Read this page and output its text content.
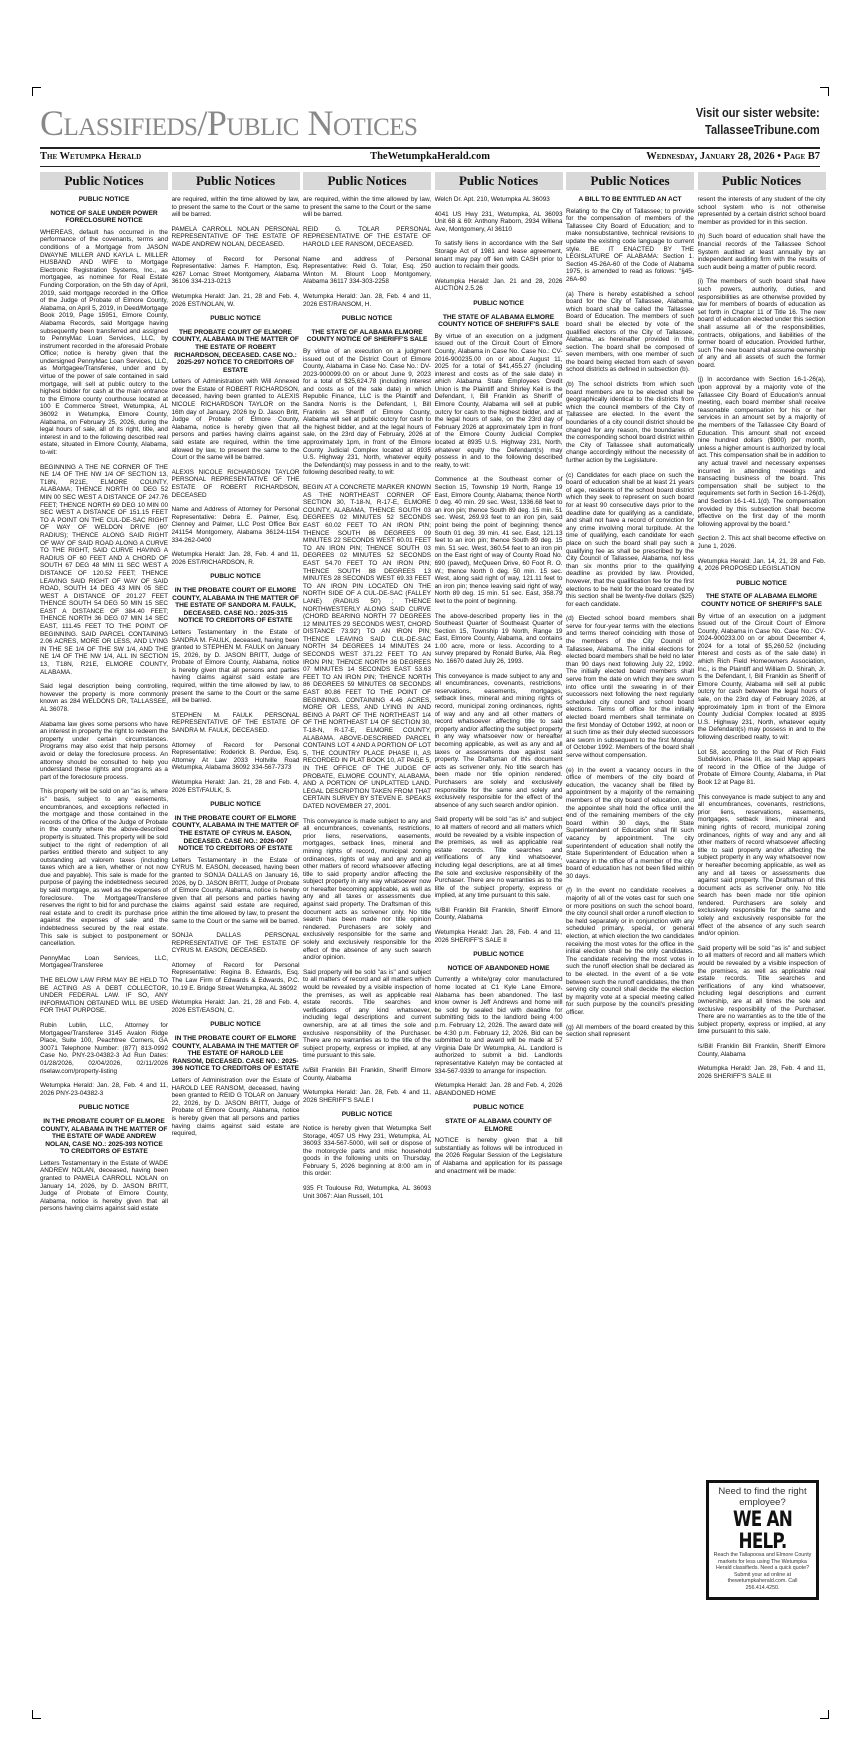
Classifieds/Public Notices	Visit our sister website:
TallasseeTribune.com
The Wetumpka Herald	TheWetumpkaHerald.com	Wednesday, January 28, 2026 • Page B7
Public Notices
PUBLIC NOTICE
NOTICE OF SALE UNDER POWER FORECLOSURE NOTICE

WHEREAS, default has occurred in the performance of the covenants, terms and conditions of a Mortgage from JASON DWAYNE MILLER AND KAYLA L. MILLER HUSBAND AND WIFE to Mortgage Electronic Registration Systems, Inc., as mortgagee, as nominee for Real Estate Funding Corporation, on the 5th day of April, 2019, said mortgage recorded in the Office of the Judge of Probate of Elmore County, Alabama, on April 5, 2019, in Deed/Mortgage Book 2019, Page 15951, Elmore County, Alabama Records, said Mortgage having subsequently been transferred and assigned to PennyMac Loan Services, LLC, by instrument recorded in the aforesaid Probate Office; notice is hereby given that the undersigned PennyMac Loan Services, LLC, as Mortgagee/Transferee, under and by virtue of the power of sale contained in said mortgage, will sell at public outcry to the highest bidder for cash at the main entrance to the Elmore county courthouse located at 100 E Commerce Street, Wetumpka, AL 36092 in Wetumpka, Elmore County, Alabama, on February 25, 2026, during the legal hours of sale, all of its right, title, and interest in and to the following described real estate, situated in Elmore County, Alabama, to-wit:

BEGINNING A THE NE CORNER OF THE NE 1/4 OF THE NW 1/4 OF SECTION 13, T18N, R21E, ELMORE COUNTY, ALABAMA; THENCE NORTH 00 DEG 52 MIN 00 SEC WEST A DISTANCE OF 247.76 FEET; THENCE NORTH 69 DEG 10 MIN 00 SEC WEST A DISTANCE OF 151.15 FEET TO A POINT ON THE CUL-DE-SAC RIGHT OF WAY OF WELDON DRIVE (60' RADIUS); THENCE ALONG SAID RIGHT OF WAY OF SAID ROAD ALONG A CURVE TO THE RIGHT, SAID CURVE HAVING A RADIUS OF 60 FEET AND A CHORD OF SOUTH 67 DEG 48 MIN 11 SEC WEST A DISTANCE OF 120.52 FEET; THENCE LEAVING SAID RIGHT OF WAY OF SAID ROAD, SOUTH 14 DEG 43 MIN 05 SEC WEST A DISTANCE OF 201.27 FEET THENCE SOUTH 54 DEG 50 MIN 15 SEC EAST A DISTANCE OF 384.40 FEET; THENCE NORTH 36 DEG 07 MIN 14 SEC EAST, 111.45 FEET TO THE POINT OF BEGINNING. SAID PARCEL CONTAINING 2.06 ACRES, MORE OR LESS, AND LYING IN THE SE 1/4 OF THE SW 1/4, AND THE NE 1/4 OF THE NW 1/4, ALL IN SECTION 13, T18N, R21E, ELMORE COUNTY, ALABAMA.

Said legal description being controlling, however the property is more commonly known as 284 WELDONS DR, TALLASSEE, AL 36078.

Alabama law gives some persons who have an interest in property the right to redeem the property under certain circumstances. Programs may also exist that help persons avoid or delay the foreclosure process. An attorney should be consulted to help you understand these rights and programs as a part of the foreclosure process.

This property will be sold on an "as is, where is" basis, subject to any easements, encumbrances, and exceptions reflected in the mortgage and those contained in the records of the Office of the Judge of Probate in the county where the above-described property is situated. This property will be sold subject to the right of redemption of all parties entitled thereto and subject to any outstanding ad valorem taxes (including taxes which are a lien, whether or not now due and payable). This sale is made for the purpose of paying the indebtedness secured by said mortgage, as well as the expenses of foreclosure. The Mortgagee/Transferee reserves the right to bid for and purchase the real estate and to credit its purchase price against the expenses of sale and the indebtedness secured by the real estate. This sale is subject to postponement or cancellation.

PennyMac Loan Services, LLC, Mortgagee/Transferee

THE BELOW LAW FIRM MAY BE HELD TO BE ACTING AS A DEBT COLLECTOR, UNDER FEDERAL LAW. IF SO, ANY INFORMATION OBTAINED WILL BE USED FOR THAT PURPOSE.

Rubin Lublin, LLC, Attorney for Mortgagee/Transferee 3145 Avalon Ridge Place, Suite 100, Peachtree Corners, GA 30071 Telephone Number: (877) 813-0992 Case No. PNY-23-04382-3 Ad Run Dates: 01/28/2026, 02/04/2026, 02/11/2026 rlselaw.com/property-listing

Wetumpka Herald: Jan. 28, Feb. 4 and 11, 2026 PNY-23-04382-3

PUBLIC NOTICE
IN THE PROBATE COURT OF ELMORE COUNTY, ALABAMA IN THE MATTER OF THE ESTATE OF WADE ANDREW NOLAN, CASE NO.: 2025-393 NOTICE TO CREDITORS OF ESTATE

Letters Testamentary in the Estate of WADE ANDREW NOLAN, deceased, having been granted to PAMELA CARROLL NOLAN on January 14, 2026, by D. JASON BRITT, Judge of Probate of Elmore County, Alabama, notice is hereby given that all persons having claims against said estate

Public Notices

are required, within the time allowed by law, to present the same to the Court or the same will be barred.

PAMELA CARROLL NOLAN PERSONAL REPRESENTATIVE OF THE ESTATE OF WADE ANDREW NOLAN, DECEASED.

Attorney of Record for Personal Representative: James F. Hampton, Esq. 4267 Lomac Street Montgomery, Alabama 36106 334-213-0213

Wetumpka Herald: Jan. 21, 28 and Feb. 4, 2026 EST/NOLAN, W.

PUBLIC NOTICE
THE PROBATE COURT OF ELMORE COUNTY, ALABAMA IN THE MATTER OF THE ESTATE OF ROBERT RICHARDSON, DECEASED. CASE NO.: 2025-297 NOTICE TO CREDITORS OF ESTATE

Letters of Administration with Will Annexed over the Estate of ROBERT RICHARDSON, deceased, having been granted to ALEXIS NICOLE RICHARDSON TAYLOR on the 16th day of January, 2026 by D. Jason Britt, Judge of Probate of Elmore County, Alabama, notice is hereby given that all persons and parties having claims against said estate are required, within the time allowed by law, to present the same to the Court or the same will be barred.

ALEXIS NICOLE RICHARDSON TAYLOR PERSONAL REPRESENTATIVE OF THE ESTATE OF ROBERT RICHARDSON, DECEASED

Name and Address of Attorney for Personal Representative: Debra E. Palmer, Esq. Clenney and Palmer, LLC Post Office Box 241154 Montgomery, Alabama 36124-1154 334-262-0400

Wetumpka Herald: Jan. 28, Feb. 4 and 11, 2026 EST/RICHARDSON, R.

PUBLIC NOTICE
IN THE PROBATE COURT OF ELMORE COUNTY, ALABAMA IN THE MATTER OF THE ESTATE OF SANDORA M. FAULK, DECEASED. CASE NO.: 2025-315 NOTICE TO CREDITORS OF ESTATE

Letters Testamentary in the Estate of SANDRA M. FAULK, deceased, having been granted to STEPHEN M. FAULK on January 15, 2026, by D. JASON BRITT, Judge of Probate of Elmore County, Alabama, notice is hereby given that all persons and parties having claims against said estate are required, within the time allowed by law, to present the same to the Court or the same will be barred.

STEPHEN M. FAULK PERSONAL REPRESENTATIVE OF THE ESTATE OF SANDRA M. FAULK, DECEASED.

Attorney of Record for Personal Representative: Roderick B. Perdue, Esq. Attorney At Law 2033 Holtville Road Wetumpka, Alabama 36092 334-567-7373

Wetumpka Herald: Jan. 21, 28 and Feb. 4, 2026 EST/FAULK, S.

PUBLIC NOTICE
IN THE PROBATE COURT OF ELMORE COUNTY, ALABAMA IN THE MATTER OF THE ESTATE OF CYRUS M. EASON, DECEASED. CASE NO.: 2026-007 NOTICE TO CREDITORS OF ESTATE

Letters Testamentary in the Estate of CYRUS M. EASON, deceased, having been granted to SONJA DALLAS on January 16, 2026, by D. JASON BRITT, Judge of Probate of Elmore County, Alabama, notice is hereby given that all persons and parties having claims against said estate are required, within the time allowed by law, to present the same to the Court or the same will be barred.

SONJA DALLAS PERSONAL REPRESENTATIVE OF THE ESTATE OF CYRUS M. EASON, DECEASED.

Attorney of Record for Personal Representative: Regina B. Edwards, Esq. The Law Firm of Edwards & Edwards, P.C. 10.19 E. Bridge Street Wetumpka, AL 36092

Wetumpka Herald: Jan. 21, 28 and Feb. 4, 2026 EST/EASON, C.

PUBLIC NOTICE
IN THE PROBATE COURT OF ELMORE COUNTY, ALABAMA IN THE MATTER OF THE ESTATE OF HAROLD LEE RANSOM, DECEASED. CASE NO.: 2025-396 NOTICE TO CREDITORS OF ESTATE

Letters of Administration over the Estate of HAROLD LEE RANSOM, deceased, having been granted to REID G TOLAR on January 22, 2026, by D. JASON BRITT, Judge of Probate of Elmore County, Alabama, notice is hereby given that all persons and parties having claims against said estate are required,

Public Notices

are required, within the time allowed by law, to present the same to the Court or the same will be barred.

REID G. TOLAR PERSONAL REPRESENTATIVE OF THE ESTATE OF HAROLD LEE RANSOM, DECEASED.

Name and address of Personal Representative: Reid G. Tolar, Esq. 250 Winton M. Blount Loop Montgomery, Alabama 36117 334-303-2258

Wetumpka Herald: Jan. 28, Feb. 4 and 11, 2026 EST/RANSOM, H.

PUBLIC NOTICE
THE STATE OF ALABAMA ELMORE COUNTY NOTICE OF SHERIFF'S SALE

By virtue of an execution on a judgment issued out of the District Court of Elmore County, Alabama in Case No. Case No.: DV-2023-900099.00 on or about June 9, 2023 for a total of $25,624.78 (including interest and costs as of the sale date) in which Republic Finance, LLC is the Plaintiff and Sandra Norris is the Defendant, I, Bill Franklin as Sheriff of Elmore County, Alabama will sell at public outcry for cash to the highest bidder, and at the legal hours of sale, on the 23rd day of February, 2026 at approximately 1pm, in front of the Elmore County Judicial Complex located at 8935 U.S. Highway 231, North, whatever equity the Defendant(s) may possess in and to the following described realty, to wit:

BEGIN AT A CONCRETE MARKER KNOWN AS THE NORTHEAST CORNER OF SECTION 30, T-18-N, R-17-E, ELMORE COUNTY, ALABAMA, THENCE SOUTH 03 DEGREES 02 MINUTES 52 SECONDS EAST 60.02 FEET TO AN IRON PIN; THENCE SOUTH 86 DEGREES 09 MINUTES 22 SECONDS WEST 60.01 FEET TO AN IRON PIN; THENCE SOUTH 03 DEGREES 02 MINUTES 52 SECONDS EAST 54.70 FEET TO AN IRON PIN; THENCE SOUTH 88 DEGREES 13 MINUTES 28 SECONDS WEST 69.33 FEET TO AN IRON PIN LOCATED ON THE NORTH SIDE OF A CUL-DE-SAC (FALLEY LANE) (RADIUS 50') ; THENCE NORTHWESTERLY ALONG SAID CURVE (CHORD BEARING NORTH 77 DEGREES 12 MINUTES 29 SECONDS WEST, CHORD DISTANCE 73.92') TO AN IRON PIN; THENCE LEAVING SAID CUL-DE-SAC NORTH 34 DEGREES 14 MINUTES 24 SECONDS WEST 371.22 FEET TO AN IRON PIN; THENCE NORTH 36 DEGREES 07 MINUTES 14 SECONDS EAST 53.63 FEET TO AN IRON PIN; THENCE NORTH 86 DEGREES 59 MINUTES 08 SECONDS EAST 80.86 FEET TO THE POINT OF BEGINNING. CONTAINING 4.46 ACRES, MORE OR LESS, AND LYING IN AND BEING A PART OF THE NORTHEAST 1/4 OF THE NORTHEAST 1/4 OF SECTION 30, T-18-N, R-17-E, ELMORE COUNTY, ALABAMA. ABOVE-DESCRIBED PARCEL CONTAINS LOT 4 AND A PORTION OF LOT 5, THE COUNTRY PLACE PHASE II, AS RECORDED IN PLAT BOOK 10, AT PAGE 5, IN THE OFFICE OF THE JUDGE OF PROBATE, ELMORE COUNTY, ALABAMA, AND A PORTION OF UNPLATTED LAND. LEGAL DESCRIPTION TAKEN FROM THAT CERTAIN SURVEY BY STEVEN E. SPEAKS DATED NOVEMBER 27, 2001.

This conveyance is made subject to any and all encumbrances, covenants, restrictions, prior liens, reservations, easements, mortgages, setback lines, mineral and mining rights of record, municipal zoning ordinances, rights of way and any and all other matters of record whatsoever affecting title to said property and/or affecting the subject property in any way whatsoever now or hereafter becoming applicable, as well as any and all taxes or assessments due against said property. The Draftsman of this document acts as scrivener only. No title search has been made nor title opinion rendered. Purchasers are solely and exclusively responsible for the same and solely and exclusively responsible for the effect of the absence of any such search and/or opinion.

Said property will be sold "as is" and subject to all matters of record and all matters which would be revealed by a visible inspection of the premises, as well as applicable real estate records. Title searches and verifications of any kind whatsoever, including legal descriptions and current ownership, are at all times the sole and exclusive responsibility of the Purchaser. There are no warranties as to the title of the subject property, express or implied, at any time pursuant to this sale.

/s/Bill Franklin Bill Franklin, Sheriff Elmore County, Alabama

Wetumpka Herald: Jan. 28, Feb. 4 and 11, 2026 SHERIFF'S SALE I

PUBLIC NOTICE

Notice is hereby given that Wetumpka Self Storage, 4057 US Hwy 231, Wetumpka, AL 36093 334-567-5000, will sell or dispose of the motorcycle parts and misc household goods in the following units on Thursday, February 5, 2026 beginning at 8:00 am in this order:

935 Ft Toulouse Rd, Wetumpka, AL 36093 Unit 3067: Alan Russell, 101

Public Notices

Welch Dr. Apt. 210, Wetumpka AL 36093

4041 US Hwy 231, Wetumpka, AL 36093 Unit 68 & 69: Anthony Raborn, 2934 Willena Ave, Montgomery, Al 36110

To satisfy liens in accordance with the Self Storage Act of 1981 and lease agreement, tenant may pay off lien with CASH prior to auction to reclaim their goods.

Wetumpka Herald: Jan. 21 and 28, 2026 AUCTION 2.5.26

PUBLIC NOTICE
THE STATE OF ALABAMA ELMORE COUNTY NOTICE OF SHERIFF'S SALE

By virtue of an execution on a judgment issued out of the Circuit Court of Elmore County, Alabama in Case No. Case No.: CV-2016-900235.00 on or about August 11, 2025 for a total of $41,455.27 (including interest and costs as of the sale date) in which Alabama State Employees Credit Union is the Plaintiff and Shirley Keil is the Defendant, I, Bill Franklin as Sheriff of Elmore County, Alabama will sell at public outcry for cash to the highest bidder, and at the legal hours of sale, on the 23rd day of February 2026 at approximately 1pm in front of the Elmore County Judicial Complex located at 8935 U.S. Highway 231, North, whatever equity the Defendant(s) may possess in and to the following described realty, to wit:

Commence at the Southeast corner of Section 15, Township 19 North, Range 19 East, Elmore County, Alabama; thence North 0 deg. 40 min. 29 sec. West, 1336.68 feet to an iron pin; thence South 89 deg. 15 min. 51 sec. West, 269.93 feet to an iron pin, said point being the point of beginning; thence South 01 deg. 39 min. 41 sec. East, 121.13 feet to an iron pin; thence South 89 deg. 15 min. 51 sec. West, 360.54 feet to an iron pin on the East right of way of County Road No. 690 (paved), McQueen Drive, 60 Foot R. O. W.; thence North 0 deg. 50 min. 15 sec. West, along said right of way, 121.11 feet to an iron pin; thence leaving said right of way, North 89 deg. 15 min. 51 sec. East, 358.79 feet to the point of beginning.

The above-described property lies in the Southeast Quarter of Southeast Quarter of Section 15, Township 19 North, Range 19 East, Elmore County, Alabama, and contains 1.00 acre, more or less. According to a survey prepared by Ronald Burke, Ala. Reg. No. 16670 dated July 26, 1993.

This conveyance is made subject to any and all encumbrances, covenants, restrictions, reservations, easements, mortgages, setback lines, mineral and mining rights of record, municipal zoning ordinances, rights of way and any and all other matters of record whatsoever affecting title to said property and/or affecting the subject property in any way whatsoever now or hereafter becoming applicable, as well as any and all taxes or assessments due against said property. The Draftsman of this document acts as scrivener only. No title search has been made nor title opinion rendered. Purchasers are solely and exclusively responsible for the same and solely and exclusively responsible for the effect of the absence of any such search and/or opinion.

Said property will be sold "as is" and subject to all matters of record and all matters which would be revealed by a visible inspection of the premises, as well as applicable real estate records. Title searches and verifications of any kind whatsoever, including legal descriptions, are at all times the sole and exclusive responsibility of the Purchaser. There are no warranties as to the title of the subject property, express or implied, at any time pursuant to this sale.

/s/Bill Franklin Bill Franklin, Sheriff Elmore County, Alabama

Wetumpka Herald: Jan. 28, Feb. 4 and 11, 2026 SHERIFF'S SALE II

PUBLIC NOTICE
NOTICE OF ABANDONED HOME

Currently a white/gray color manufactured home located at C1 Kyle Lane Elmore, Alabama has been abandoned. The last know owner is Jeff Andrews and home will be sold by sealed bid with deadline for submitting bids to the landlord being 4:00 p.m. February 12, 2026. The award date will be 4:30 p.m. February 12, 2026. Bid can be submitted to and award will be made at 57 Virginia Dale Dr Wetumpka, AL. Landlord is authorized to submit a bid. Landlords representative Katelyn may be contacted at 334-567-9339 to arrange for inspection.

Wetumpka Herald: Jan. 28 and Feb. 4, 2026 ABANDONED HOME

PUBLIC NOTICE
STATE OF ALABAMA COUNTY OF ELMORE

NOTICE is hereby given that a bill substantially as follows will be introduced in the 2026 Regular Session of the Legislature of Alabama and application for its passage and enactment will be made:

Public Notices
A BILL TO BE ENTITLED AN ACT

Relating to the City of Tallassee; to provide for the compensation of members of the Tallassee City Board of Education; and to make nonsubstantive, technical revisions to update the existing code language to current style. BE IT ENACTED BY THE LEGISLATURE OF ALABAMA: Section 1. Section 45-26A-60 of the Code of Alabama 1975, is amended to read as follows: "§45-26A-60

(a) There is hereby established a school board for the City of Tallassee, Alabama, which board shall be called the Tallassee Board of Education. The members of such board shall be elected by vote of the qualified electors of the City of Tallassee, Alabama, as hereinafter provided in this section. The board shall be composed of seven members, with one member of such the board being elected from each of seven school districts as defined in subsection (b).

(b) The school districts from which such board members are to be elected shall be geographically identical to the districts from which the council members of the City of Tallassee are elected. In the event the boundaries of a city council district should be changed for any reason, the boundaries of the corresponding school board district within the City of Tallassee shall automatically change accordingly without the necessity of further action by the Legislature.

(c) Candidates for each place on such the board of education shall be at least 21 years of age, residents of the school board district which they seek to represent on such board for at least 90 consecutive days prior to the deadline date for qualifying as a candidate, and shall not have a record of conviction for any crime involving moral turpitude. At the time of qualifying, each candidate for each place on such the board shall pay such a qualifying fee as shall be prescribed by the City Council of Tallassee, Alabama, not less than six months prior to the qualifying deadline as provided by law. Provided, however, that the qualification fee for the first elections to be held for the board created by this section shall be twenty-five dollars ($25) for each candidate.

(d) Elected school board members shall serve for four-year terms with the elections and terms thereof coinciding with those of the members of the City Council of Tallassee, Alabama. The initial elections for elected board members shall be held no later than 90 days next following July 22, 1992. The initially elected board members shall serve from the date on which they are sworn into office until the swearing in of their successors next following the next regularly scheduled city council and school board elections. Terms of office for the initially elected board members shall terminate on the first Monday of October 1992, at noon or at such time as their duly elected successors are sworn in subsequent to the first Monday of October 1992. Members of the board shall serve without compensation.

(e) In the event a vacancy occurs in the office of members of the city board of education, the vacancy shall be filled by appointment by a majority of the remaining members of the city board of education, and the appointee shall hold the office until the end of the remaining members of the city board within 30 days, the State Superintendent of Education shall fill such vacancy by appointment. The city superintendent of education shall notify the State Superintendent of Education when a vacancy in the office of a member of the city board of education has not been filled within 30 days.

(f) In the event no candidate receives a majority of all of the votes cast for such one or more positions on such the school board, the city council shall order a runoff election to be held separately or in conjunction with any scheduled primary, special, or general election, at which election the two candidates receiving the most votes for the office in the initial election shall be the only candidates. The candidate receiving the most votes in such the runoff election shall be declared as to be elected. In the event of a tie vote between such the runoff candidates, the then serving city council shall decide the election by majority vote at a special meeting called for such purpose by the council's presiding officer.

(g) All members of the board created by this section shall represent

Public Notices

resent the interests of any student of the city school system who is not otherwise represented by a certain district school board member as provided for in this section.

(h) Such board of education shall have the financial records of the Tallassee School System audited at least annually by an independent auditing firm with the results of such audit being a matter of public record.

(i) The members of such board shall have such powers, authority, duties, and responsibilities as are otherwise provided by law for members of boards of education as set forth in Chapter 11 of Title 16. The new board of education elected under this section shall assume all of the responsibilities, contracts, obligations, and liabilities of the former board of education. Provided further, such The new board shall assume ownership of any and all assets of such the former board.

(j) In accordance with Section 16-1-26(a), upon approval by a majority vote of the Tallassee City Board of Education's annual meeting, each board member shall receive reasonable compensation for his or her services in an amount set by a majority of the members of the Tallassee City Board of Education. This amount shall not exceed nine hundred dollars ($900) per month, unless a higher amount is authorized by local act. This compensation shall be in addition to any actual travel and necessary expenses incurred in attending meetings and transacting business of the board. This compensation shall be subject to the requirements set forth in Section 16-1-26(d), and Section 16-1-41.1(d). The compensation provided by this subsection shall become effective on the first day of the month following approval by the board."

Section 2. This act shall become effective on June 1, 2026.

Wetumpka Herald: Jan. 14, 21, 28 and Feb. 4, 2026 PROPOSED LEGISLATION

PUBLIC NOTICE
THE STATE OF ALABAMA ELMORE COUNTY NOTICE OF SHERIFF'S SALE

By virtue of an execution on a judgment issued out of the Circuit Court of Elmore County, Alabama in Case No. Case No.: CV-2024-900233.00 on or about December 4, 2024 for a total of $5,260.52 (including interest and costs as of the sale date) in which Rich Field Homeowners Association, Inc., is the Plaintiff and William D. Shirah, Jr. is the Defendant, I, Bill Franklin as Sheriff of Elmore County, Alabama will sell at public outcry for cash between the legal hours of sale, on the 23rd day of February 2026, at approximately 1pm in front of the Elmore County Judicial Complex located at 8935 U.S. Highway 231, North, whatever equity the Defendant(s) may possess in and to the following described realty, to wit:

Lot 58, according to the Plat of Rich Field Subdivision, Phase III, as said Map appears of record in the Office of the Judge of Probate of Elmore County, Alabama, in Plat Book 12 at Page 81.

This conveyance is made subject to any and all encumbrances, covenants, restrictions, prior liens, reservations, easements, mortgages, setback lines, mineral and mining rights of record, municipal zoning ordinances, rights of way and any and all other matters of record whatsoever affecting title to said property and/or affecting the subject property in any way whatsoever now or hereafter becoming applicable, as well as any and all taxes or assessments due against said property. The Draftsman of this document acts as scrivener only. No title search has been made nor title opinion rendered. Purchasers are solely and exclusively responsible for the same and solely and exclusively responsible for the effect of the absence of any such search and/or opinion.

Said property will be sold "as is" and subject to all matters of record and all matters which would be revealed by a visible inspection of the premises, as well as applicable real estate records. Title searches and verifications of any kind whatsoever, including legal descriptions and current ownership, are at all times the sole and exclusive responsibility of the Purchaser. There are no warranties as to the title of the subject property, express or implied, at any time pursuant to this sale.

/s/Bill Franklin Bill Franklin, Sheriff Elmore County, Alabama

Wetumpka Herald: Jan. 28, Feb. 4 and 11, 2026 SHERIFF'S SALE III

Need to find the right employee?
WE AN
HELP.
Reach the Tallapoosa and Elmore County markets for less using The Wetumpka Herald classifieds. Need a quick quote? Submit your ad online at thewetumpkaherald.com. Call 256.414.4250.
